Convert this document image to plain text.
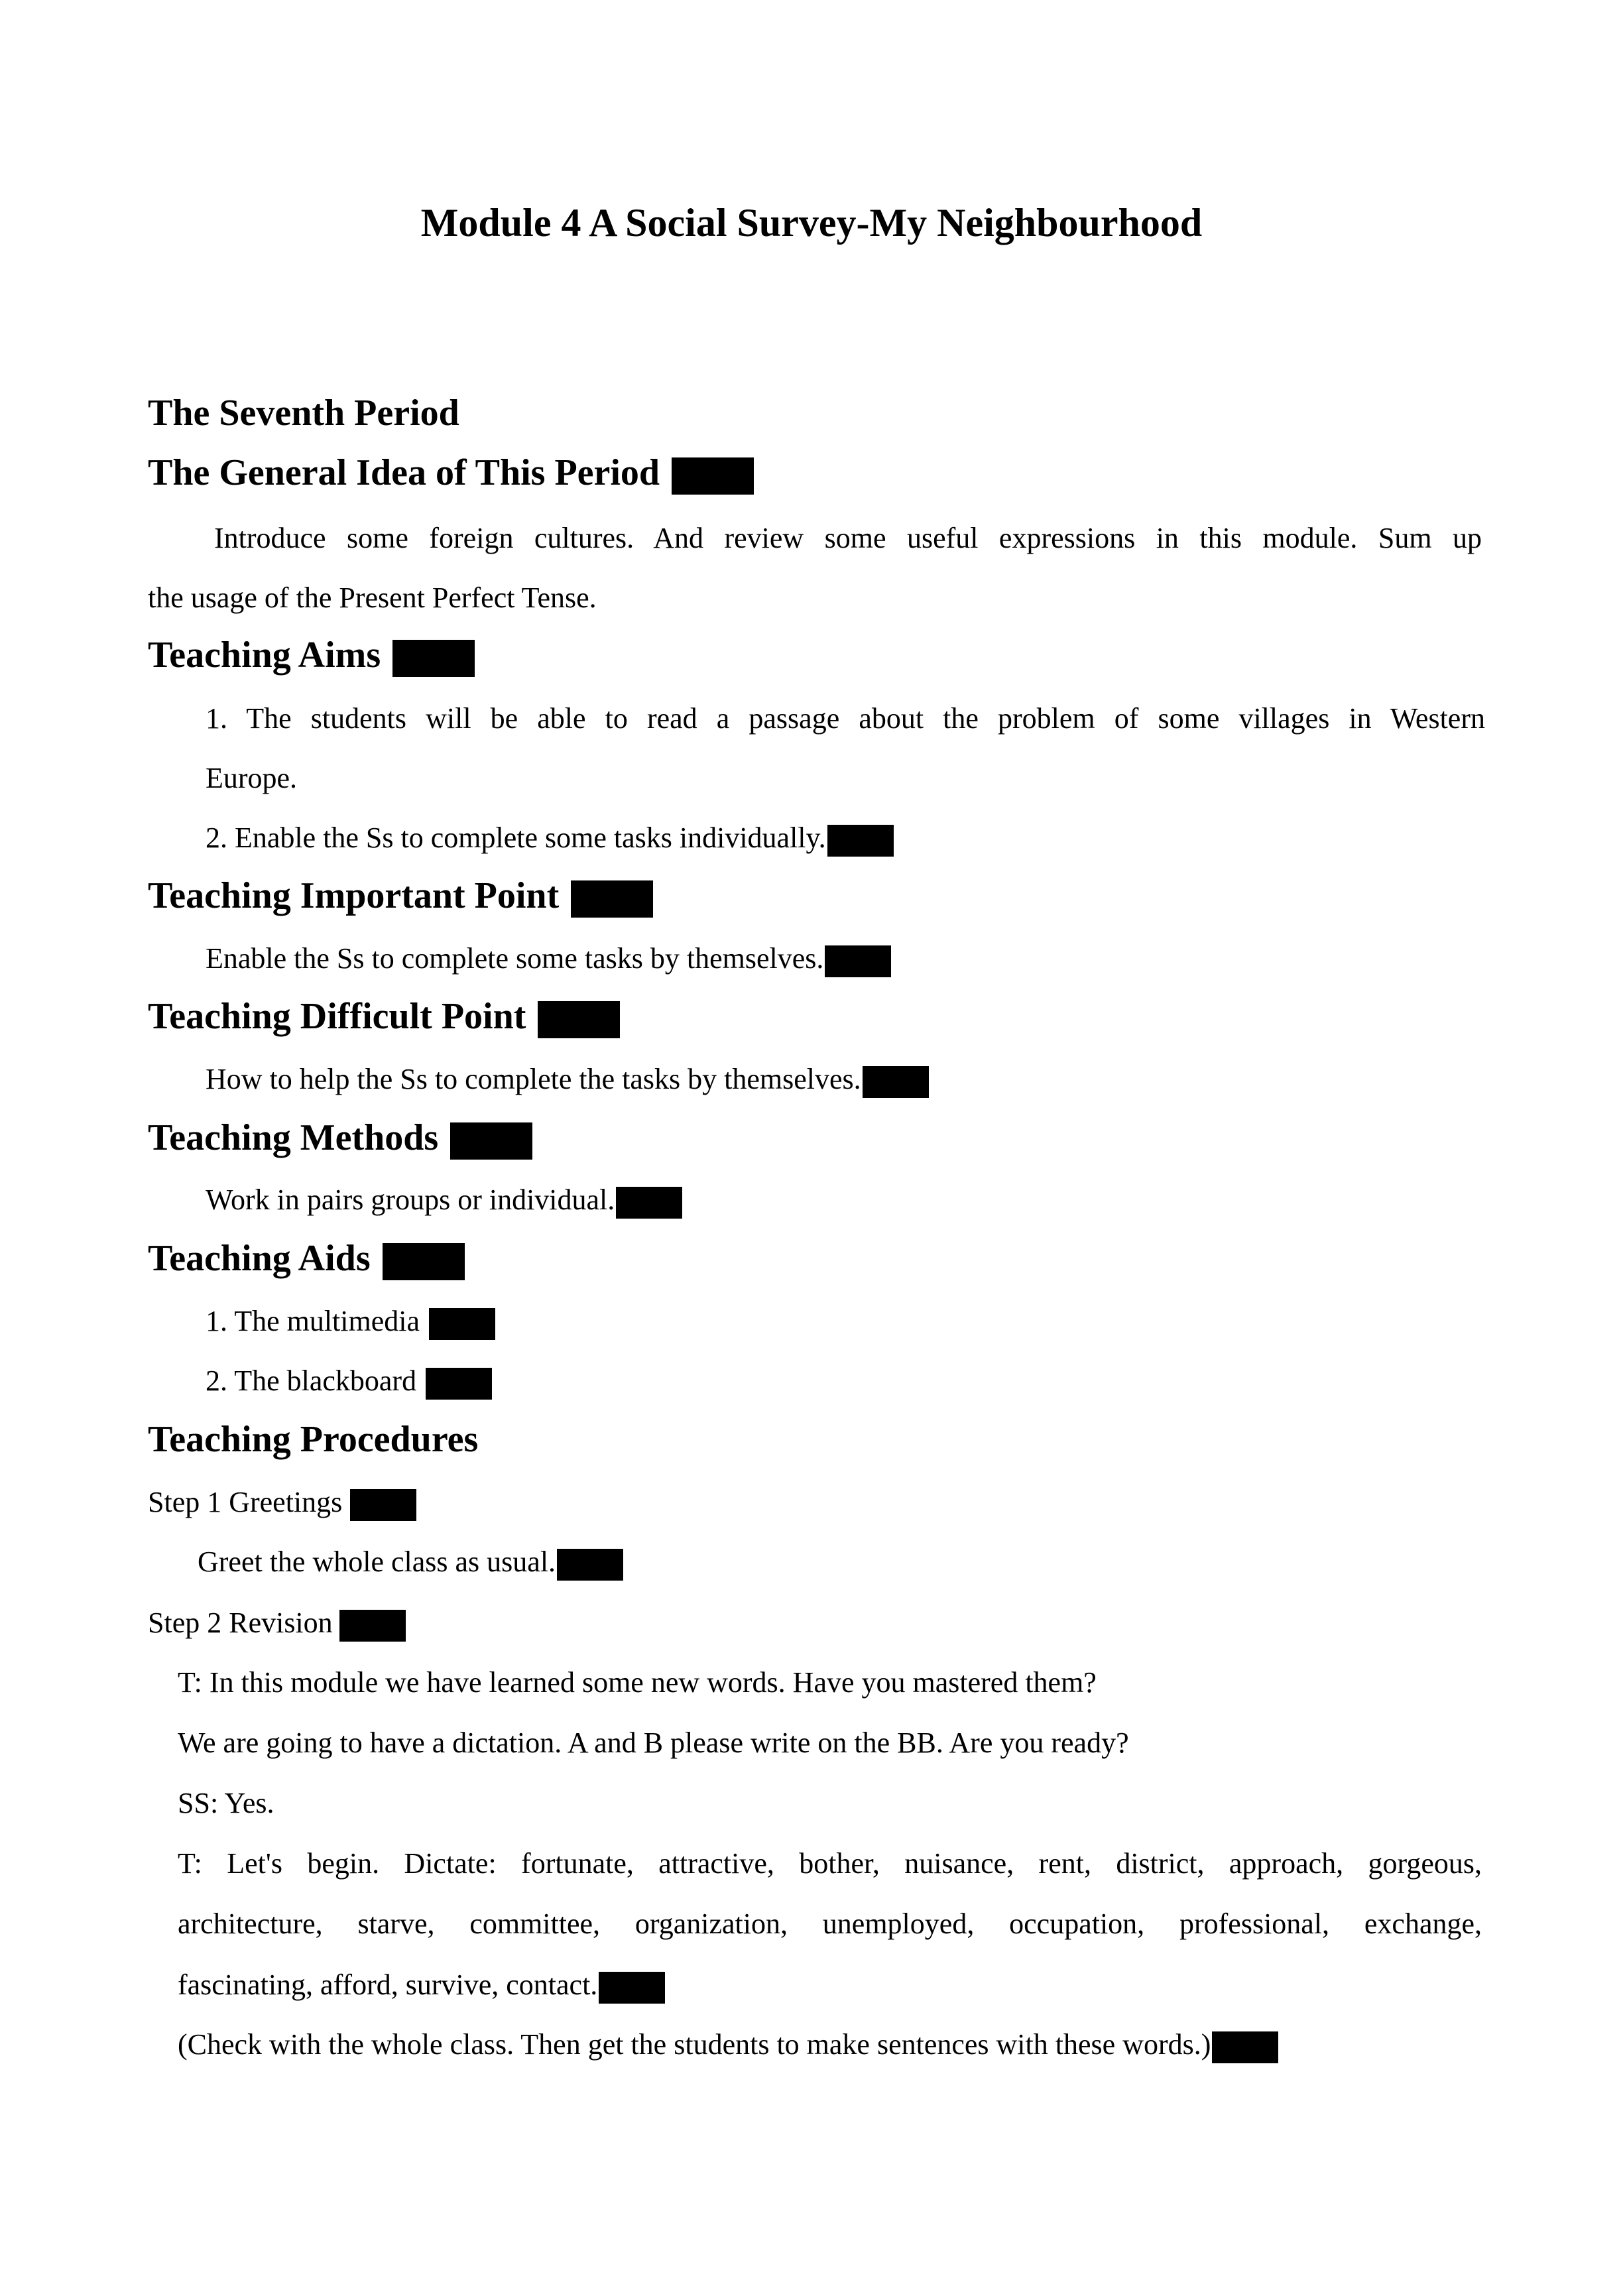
Module 4 A Social Survey-My Neighbourhood
The Seventh Period
The General Idea of This Period
Introduce some foreign cultures. And review some useful expressions in this module. Sum up
the usage of the Present Perfect Tense.
Teaching Aims
1. The students will be able to read a passage about the problem of some villages in Western
Europe.
2. Enable the Ss to complete some tasks individually.
Teaching Important Point
Enable the Ss to complete some tasks by themselves.
Teaching Difficult Point
How to help the Ss to complete the tasks by themselves.
Teaching Methods
Work in pairs groups or individual.
Teaching Aids
1. The multimedia
2. The blackboard
Teaching Procedures
Step 1 Greetings
Greet the whole class as usual.
Step 2 Revision
T: In this module we have learned some new words. Have you mastered them?
We are going to have a dictation. A and B please write on the BB. Are you ready?
SS: Yes.
T: Let's begin. Dictate: fortunate, attractive, bother, nuisance, rent, district, approach, gorgeous,
architecture, starve, committee, organization, unemployed, occupation, professional, exchange,
fascinating, afford, survive, contact.
(Check with the whole class. Then get the students to make sentences with these words.)
